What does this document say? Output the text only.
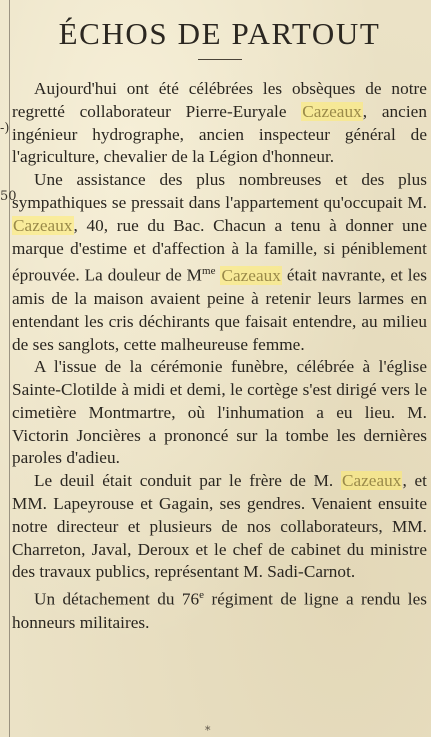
-)
50
ÉCHOS DE PARTOUT

Aujourd'hui ont été célébrées les obsèques de notre regretté collaborateur Pierre-Euryale Cazeaux, ancien ingénieur hydrographe, ancien inspecteur général de l'agriculture, chevalier de la Légion d'honneur.

Une assistance des plus nombreuses et des plus sympathiques se pressait dans l'appartement qu'occupait M. Cazeaux, 40, rue du Bac. Chacun a tenu à donner une marque d'estime et d'affection à la famille, si péniblement éprouvée. La douleur de $M^{me}$ Cazeaux était navrante, et les amis de la maison avaient peine à retenir leurs larmes en entendant les cris déchirants que faisait entendre, au milieu de ses sanglots, cette malheureuse femme.

A l'issue de la cérémonie funèbre, célébrée à l'église Sainte-Clotilde à midi et demi, le cortège s'est dirigé vers le cimetière Montmartre, où l'inhumation a eu lieu. M. Victorin Joncières a prononcé sur la tombe les dernières paroles d'adieu.

Le deuil était conduit par le frère de M. Cazeaux, et MM. Lapeyrouse et Gagain, ses gendres. Venaient ensuite notre directeur et plusieurs de nos collaborateurs, MM. Charreton, Javal, Deroux et le chef de cabinet du ministre des travaux publics, représentant M. Sadi-Carnot.

Un détachement du 76e régiment de ligne a rendu les honneurs militaires.

*
